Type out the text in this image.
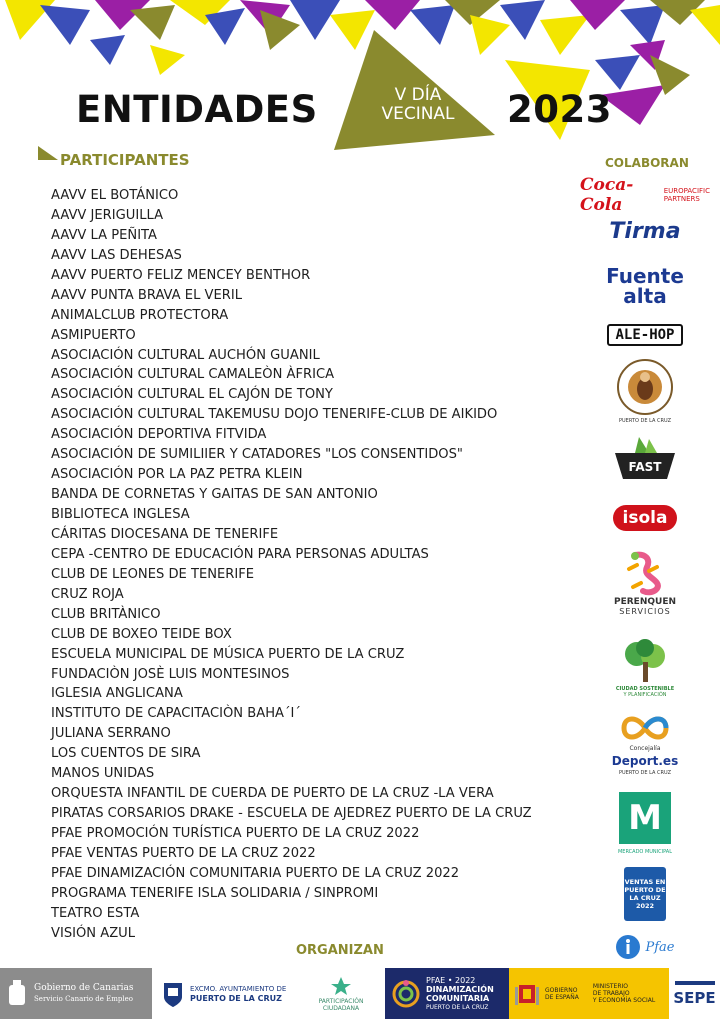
ENTIDADES	V DÍA
VECINAL	2023
PARTICIPANTES	COLABORAN
AAVV EL BOTÁNICO
AAVV JERIGUILLA
AAVV LA PEÑITA
AAVV LAS DEHESAS
AAVV PUERTO FELIZ MENCEY BENTHOR
AAVV PUNTA BRAVA EL VERIL
ANIMALCLUB PROTECTORA
ASMIPUERTO
ASOCIACIÓN CULTURAL AUCHÓN GUANIL
ASOCIACIÓN CULTURAL CAMALEÒN ÀFRICA
ASOCIACIÓN CULTURAL EL CAJÓN DE TONY
ASOCIACIÓN CULTURAL TAKEMUSU DOJO TENERIFE-CLUB DE AIKIDO
ASOCIACIÓN DEPORTIVA FITVIDA
ASOCIACIÓN DE SUMILIIER Y CATADORES "LOS CONSENTIDOS"
ASOCIACIÓN POR LA PAZ PETRA KLEIN
BANDA DE CORNETAS Y GAITAS DE SAN ANTONIO
BIBLIOTECA INGLESA
CÁRITAS DIOCESANA DE TENERIFE
CEPA -CENTRO DE EDUCACIÓN PARA PERSONAS ADULTAS
CLUB DE LEONES DE TENERIFE
CRUZ ROJA
CLUB BRITÀNICO
CLUB DE BOXEO TEIDE BOX
ESCUELA MUNICIPAL DE MÚSICA PUERTO DE LA CRUZ
FUNDACIÒN JOSÈ LUIS MONTESINOS
IGLESIA ANGLICANA
INSTITUTO DE CAPACITACIÒN BAHA´I´
JULIANA SERRANO
LOS CUENTOS DE SIRA
MANOS UNIDAS
ORQUESTA INFANTIL DE CUERDA DE PUERTO DE LA CRUZ -LA VERA
PIRATAS CORSARIOS DRAKE - ESCUELA DE AJEDREZ PUERTO DE LA CRUZ
PFAE PROMOCIÓN TURÍSTICA PUERTO DE LA CRUZ 2022
PFAE VENTAS PUERTO DE LA CRUZ 2022
PFAE DINAMIZACIÓN COMUNITARIA PUERTO DE LA CRUZ 2022
PROGRAMA TENERIFE ISLA SOLIDARIA / SINPROMI
TEATRO ESTA
VISIÓN AZUL
Coca-Cola
EUROPACIFIC
PARTNERS
Tirma
Fuente
alta
ALE-HOP
PUERTO DE LA CRUZ
FAST
isola
PERENQUEN
SERVICIOS
CIUDAD SOSTENIBLE
Y PLANIFICACIÓN
Concejalía
Deport.es
PUERTO DE LA CRUZ
M
MERCADO MUNICIPAL
VENTAS EN PUERTO DE LA CRUZ 2022
Pfae
ORGANIZAN
Gobierno de Canarias
Servicio Canario de Empleo
EXCMO. AYUNTAMIENTO DE
PUERTO DE LA CRUZ	PARTICIPACIÓN
CIUDADANA
PFAE • 2022
DINAMIZACIÓN
COMUNITARIA
PUERTO DE LA CRUZ
GOBIERNO
DE ESPAÑA
MINISTERIO
DE TRABAJO
Y ECONOMÍA SOCIAL SEPE
